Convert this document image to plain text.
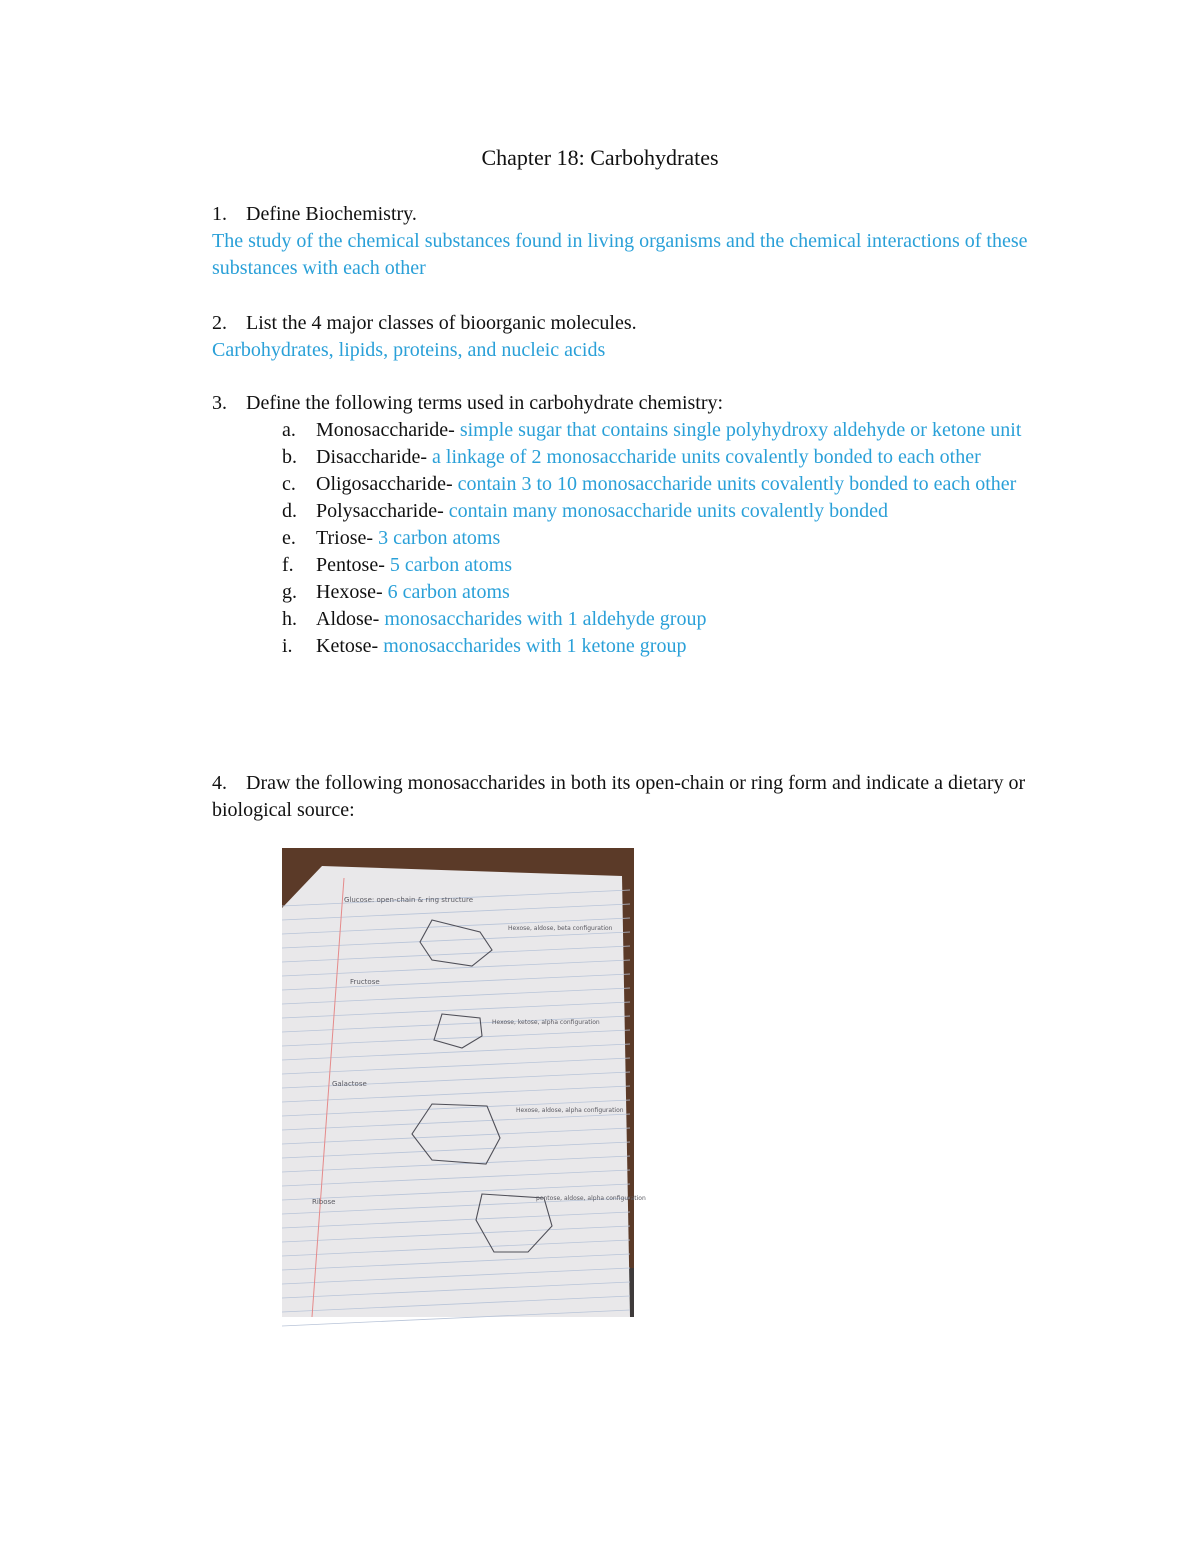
Chapter 18: Carbohydrates
1. Define Biochemistry.
The study of the chemical substances found in living organisms and the chemical interactions of these substances with each other
2. List the 4 major classes of bioorganic molecules.
Carbohydrates, lipids, proteins, and nucleic acids
3. Define the following terms used in carbohydrate chemistry:
a. Monosaccharide- simple sugar that contains single polyhydroxy aldehyde or ketone unit
b. Disaccharide- a linkage of 2 monosaccharide units covalently bonded to each other
c. Oligosaccharide- contain 3 to 10 monosaccharide units covalently bonded to each other
d. Polysaccharide- contain many monosaccharide units covalently bonded
e. Triose- 3 carbon atoms
f. Pentose- 5 carbon atoms
g. Hexose- 6 carbon atoms
h. Aldose- monosaccharides with 1 aldehyde group
i. Ketose- monosaccharides with 1 ketone group
4. Draw the following monosaccharides in both its open-chain or ring form and indicate a dietary or biological source:
Glucose: open-chain & ring structure
Fructose
Galactose
Ribose
Hexose, aldose, beta configuration
Hexose, ketose, alpha configuration
Hexose, aldose, alpha configuration
pentose, aldose, alpha configuration
